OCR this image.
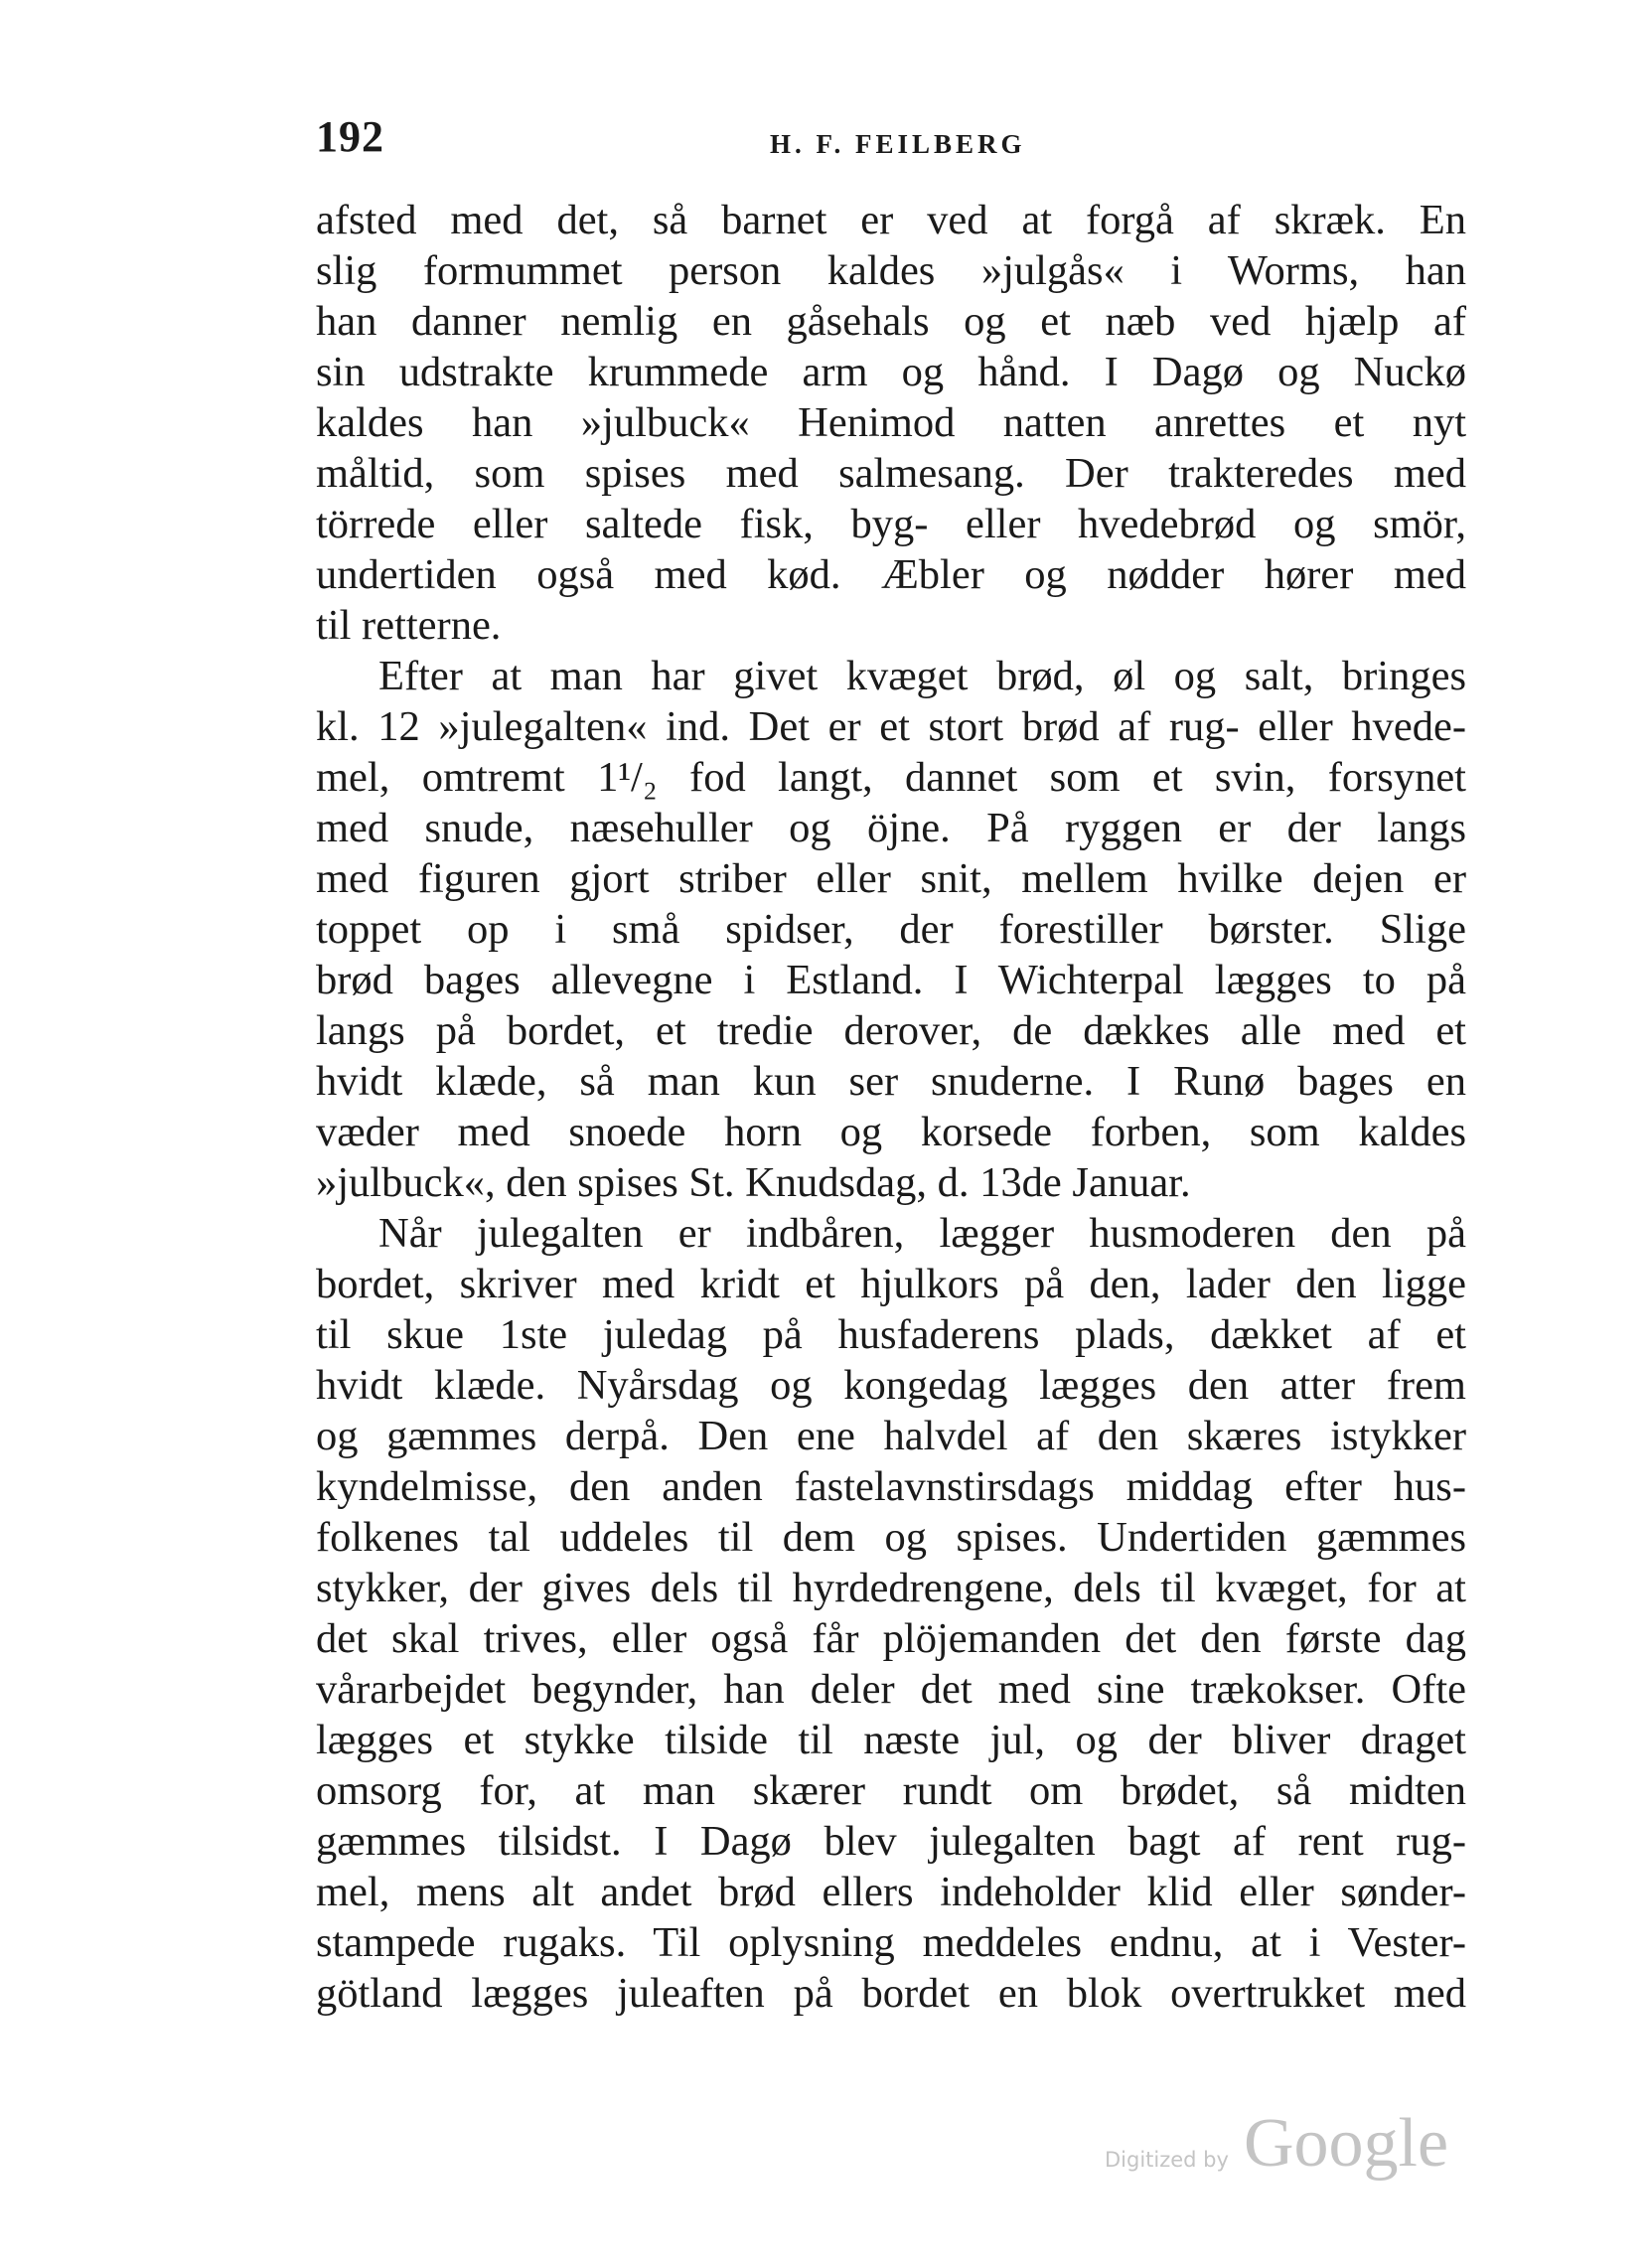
192	H. F. FEILBERG
afsted med det, så barnet er ved at forgå af skræk. En
slig formummet person kaldes »julgås« i Worms, han
han danner nemlig en gåsehals og et næb ved hjælp af
sin udstrakte krummede arm og hånd. I Dagø og Nuckø
kaldes han »julbuck« Henimod natten anrettes et nyt
måltid, som spises med salmesang. Der trakteredes med
törrede eller saltede fisk, byg- eller hvedebrød og smör,
undertiden også med kød. Æbler og nødder hører med
til retterne.
Efter at man har givet kvæget brød, øl og salt, bringes
kl. 12 »julegalten« ind. Det er et stort brød af rug- eller hvede-
mel, omtremt 1¹/₂ fod langt, dannet som et svin, forsynet
med snude, næsehuller og öjne. På ryggen er der langs
med figuren gjort striber eller snit, mellem hvilke dejen er
toppet op i små spidser, der forestiller børster. Slige
brød bages allevegne i Estland. I Wichterpal lægges to på
langs på bordet, et tredie derover, de dækkes alle med et
hvidt klæde, så man kun ser snuderne. I Runø bages en
væder med snoede horn og korsede forben, som kaldes
»julbuck«, den spises St. Knudsdag, d. 13de Januar.
Når julegalten er indbåren, lægger husmoderen den på
bordet, skriver med kridt et hjulkors på den, lader den ligge
til skue 1ste juledag på husfaderens plads, dækket af et
hvidt klæde. Nyårsdag og kongedag lægges den atter frem
og gæmmes derpå. Den ene halvdel af den skæres istykker
kyndelmisse, den anden fastelavnstirsdags middag efter hus-
folkenes tal uddeles til dem og spises. Undertiden gæmmes
stykker, der gives dels til hyrdedrengene, dels til kvæget, for at
det skal trives, eller også får plöjemanden det den første dag
vårarbejdet begynder, han deler det med sine trækokser. Ofte
lægges et stykke tilside til næste jul, og der bliver draget
omsorg for, at man skærer rundt om brødet, så midten
gæmmes tilsidst. I Dagø blev julegalten bagt af rent rug-
mel, mens alt andet brød ellers indeholder klid eller sønder-
stampede rugaks. Til oplysning meddeles endnu, at i Vester-
götland lægges juleaften på bordet en blok overtrukket med
Digitized by Google
